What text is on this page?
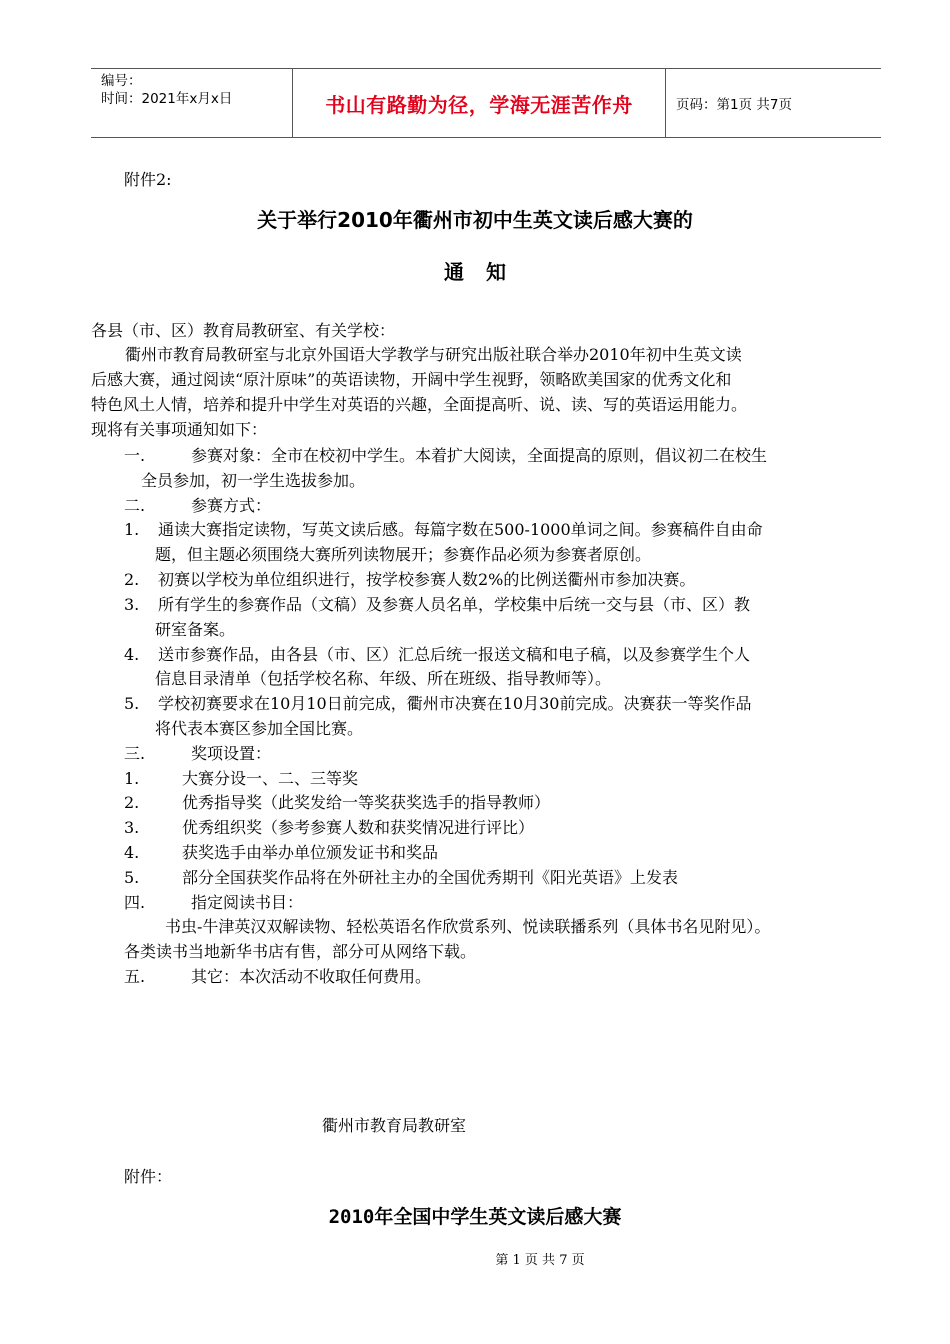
编号：
时间：2021年x月x日	书山有路勤为径，学海无涯苦作舟	页码：第1页 共7页
附件2:
关于举行2010年衢州市初中生英文读后感大赛的
通知
各县（市、区）教育局教研室、有关学校：
衢州市教育局教研室与北京外国语大学教学与研究出版社联合举办2010年初中生英文读
后感大赛，通过阅读“原汁原味”的英语读物，开阔中学生视野，领略欧美国家的优秀文化和
特色风土人情，培养和提升中学生对英语的兴趣，全面提高听、说、读、写的英语运用能力。
现将有关事项通知如下：
一.	参赛对象：全市在校初中学生。本着扩大阅读，全面提高的原则，倡议初二在校生
全员参加，初一学生选拔参加。
二.	参赛方式：
1. 通读大赛指定读物，写英文读后感。每篇字数在500-1000单词之间。参赛稿件自由命
题，但主题必须围绕大赛所列读物展开；参赛作品必须为参赛者原创。
2. 初赛以学校为单位组织进行，按学校参赛人数2%的比例送衢州市参加决赛。
3. 所有学生的参赛作品（文稿）及参赛人员名单，学校集中后统一交与县（市、区）教
研室备案。
4. 送市参赛作品，由各县（市、区）汇总后统一报送文稿和电子稿，以及参赛学生个人
信息目录清单（包括学校名称、年级、所在班级、指导教师等）。
5. 学校初赛要求在10月10日前完成，衢州市决赛在10月30前完成。决赛获一等奖作品
将代表本赛区参加全国比赛。
三.	奖项设置：
1.	大赛分设一、二、三等奖
2.	优秀指导奖（此奖发给一等奖获奖选手的指导教师）
3.	优秀组织奖（参考参赛人数和获奖情况进行评比）
4.	获奖选手由举办单位颁发证书和奖品
5.	部分全国获奖作品将在外研社主办的全国优秀期刊《阳光英语》上发表
四.	指定阅读书目：
书虫-牛津英汉双解读物、轻松英语名作欣赏系列、悦读联播系列（具体书名见附见）。
各类读书当地新华书店有售，部分可从网络下载。
五.	其它：本次活动不收取任何费用。
衢州市教育局教研室
附件：
2010年全国中学生英文读后感大赛
第 1 页 共 7 页
